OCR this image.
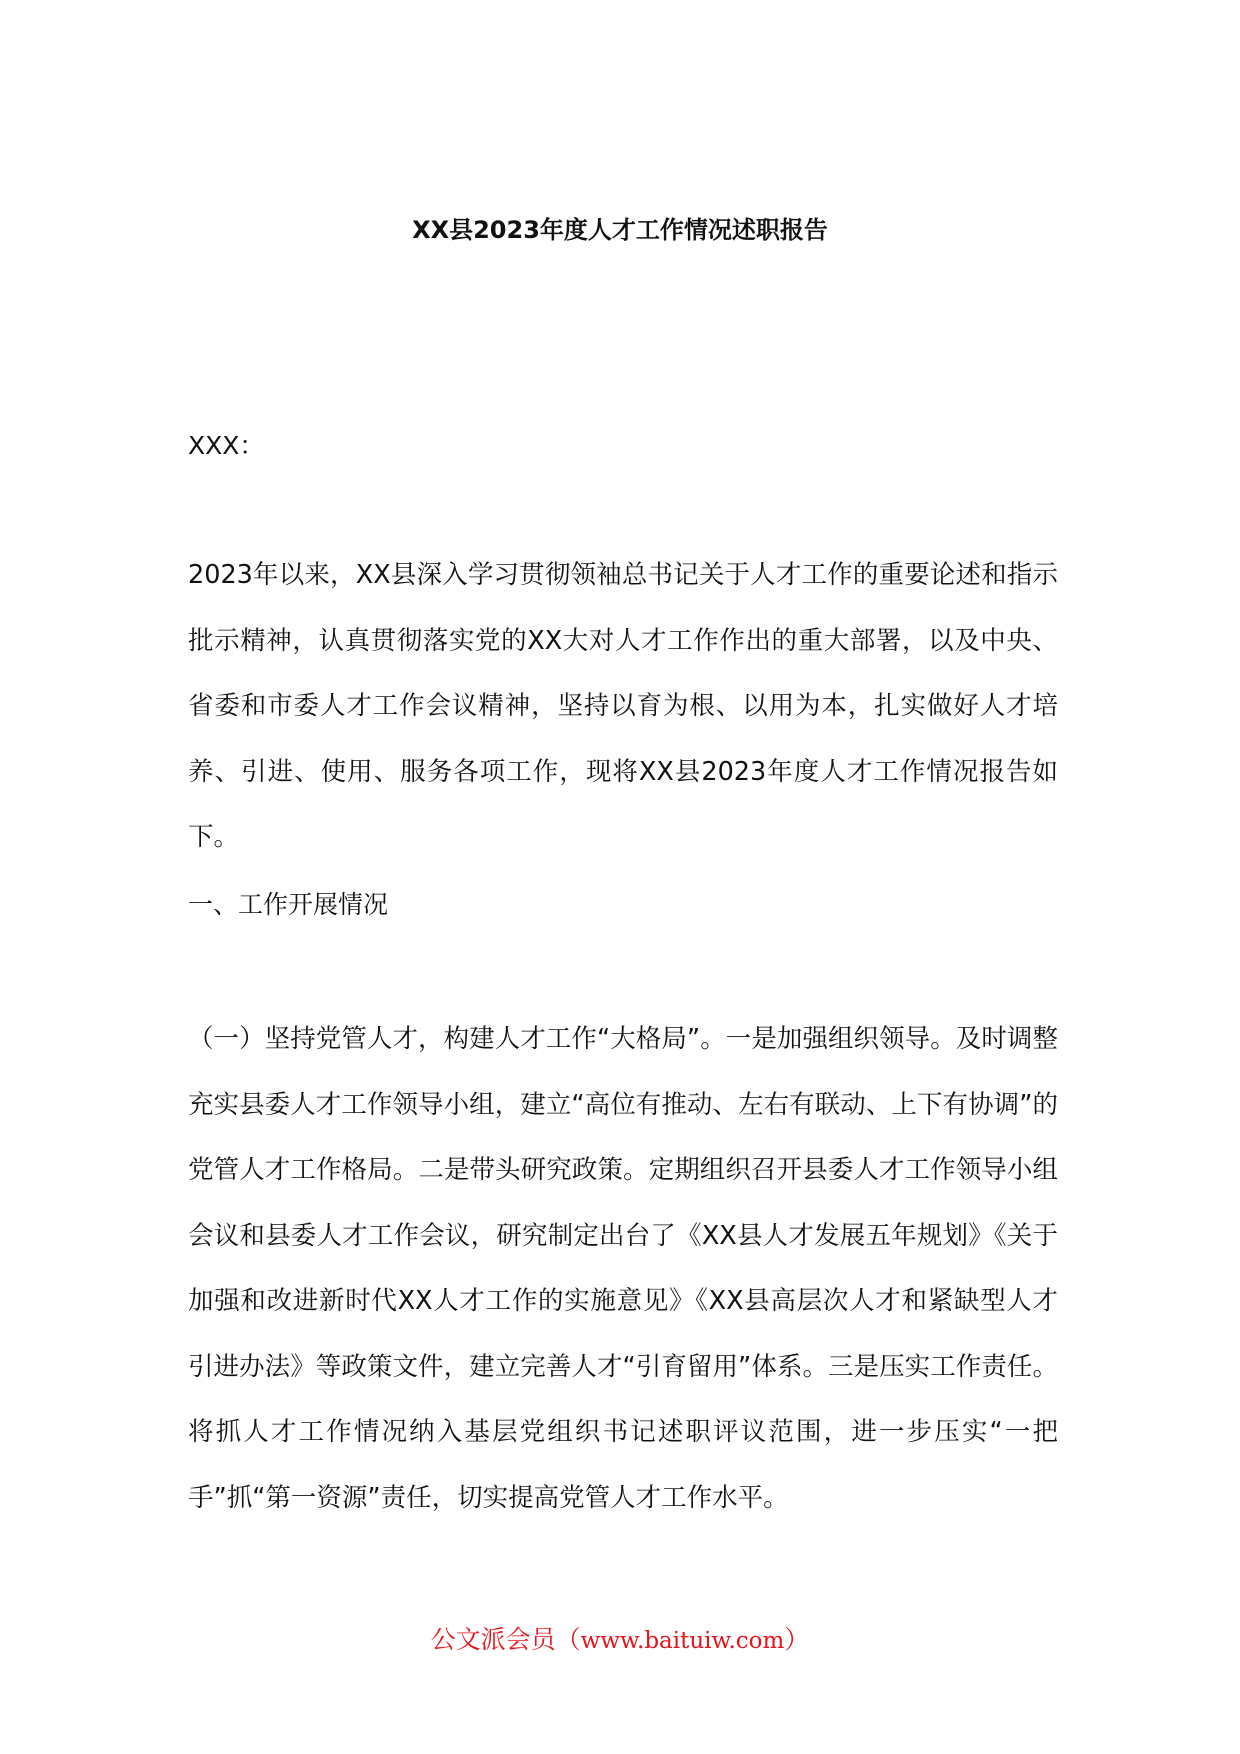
XX县2023年度人才工作情况述职报告
XXX：

2023年以来，XX县深入学习贯彻领袖总书记关于人才工作的重要论述和指示批示精神，认真贯彻落实党的XX大对人才工作作出的重大部署，以及中央、省委和市委人才工作会议精神，坚持以育为根、以用为本，扎实做好人才培养、引进、使用、服务各项工作，现将XX县2023年度人才工作情况报告如下。

一、工作开展情况

（一）坚持党管人才，构建人才工作“大格局”。一是加强组织领导。及时调整充实县委人才工作领导小组，建立“高位有推动、左右有联动、上下有协调”的党管人才工作格局。二是带头研究政策。定期组织召开县委人才工作领导小组会议和县委人才工作会议，研究制定出台了《XX县人才发展五年规划》《关于加强和改进新时代XX人才工作的实施意见》《XX县高层次人才和紧缺型人才引进办法》等政策文件，建立完善人才“引育留用”体系。三是压实工作责任。将抓人才工作情况纳入基层党组织书记述职评议范围，进一步压实“一把手”抓“第一资源”责任，切实提高党管人才工作水平。

公文派会员（www.baituiw.com）
